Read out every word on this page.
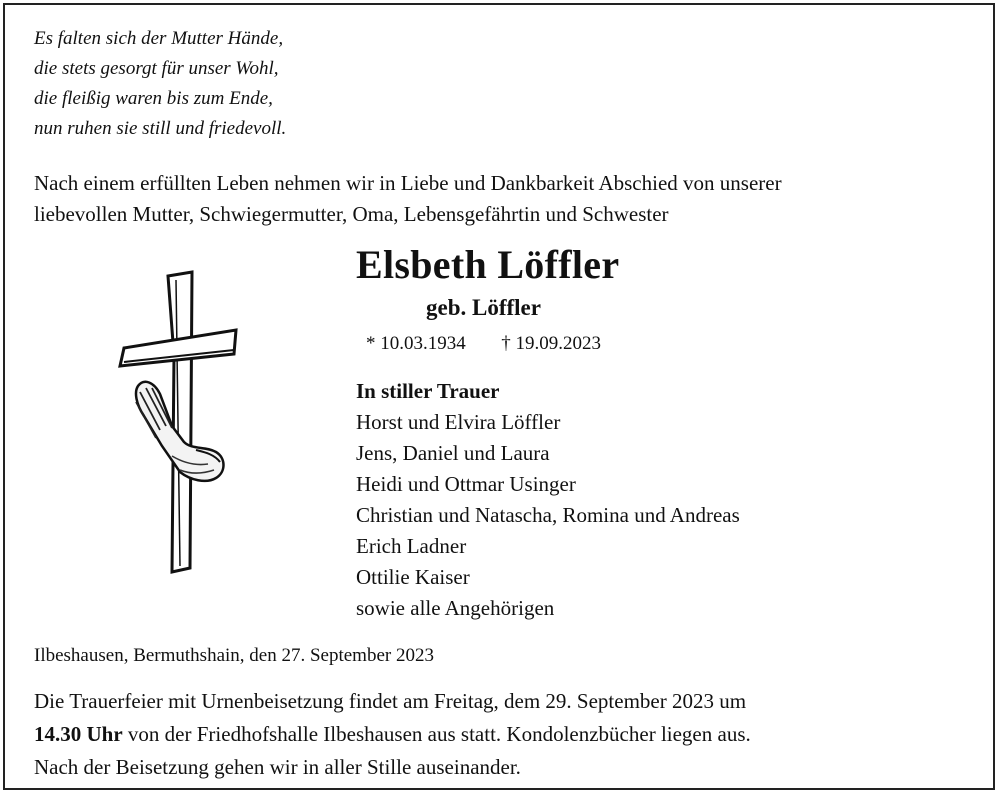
Es falten sich der Mutter Hände,
die stets gesorgt für unser Wohl,
die fleißig waren bis zum Ende,
nun ruhen sie still und friedevoll.
Nach einem erfüllten Leben nehmen wir in Liebe und Dankbarkeit Abschied von unserer
liebevollen Mutter, Schwiegermutter, Oma, Lebensgefährtin und Schwester
Elsbeth Löffler
geb. Löffler
* 10.03.1934 † 19.09.2023
In stiller Trauer
Horst und Elvira Löffler
Jens, Daniel und Laura
Heidi und Ottmar Usinger
Christian und Natascha, Romina und Andreas
Erich Ladner
Ottilie Kaiser
sowie alle Angehörigen
Ilbeshausen, Bermuthshain, den 27. September 2023
Die Trauerfeier mit Urnenbeisetzung findet am Freitag, dem 29. September 2023 um
14.30 Uhr von der Friedhofshalle Ilbeshausen aus statt. Kondolenzbücher liegen aus.
Nach der Beisetzung gehen wir in aller Stille auseinander.
